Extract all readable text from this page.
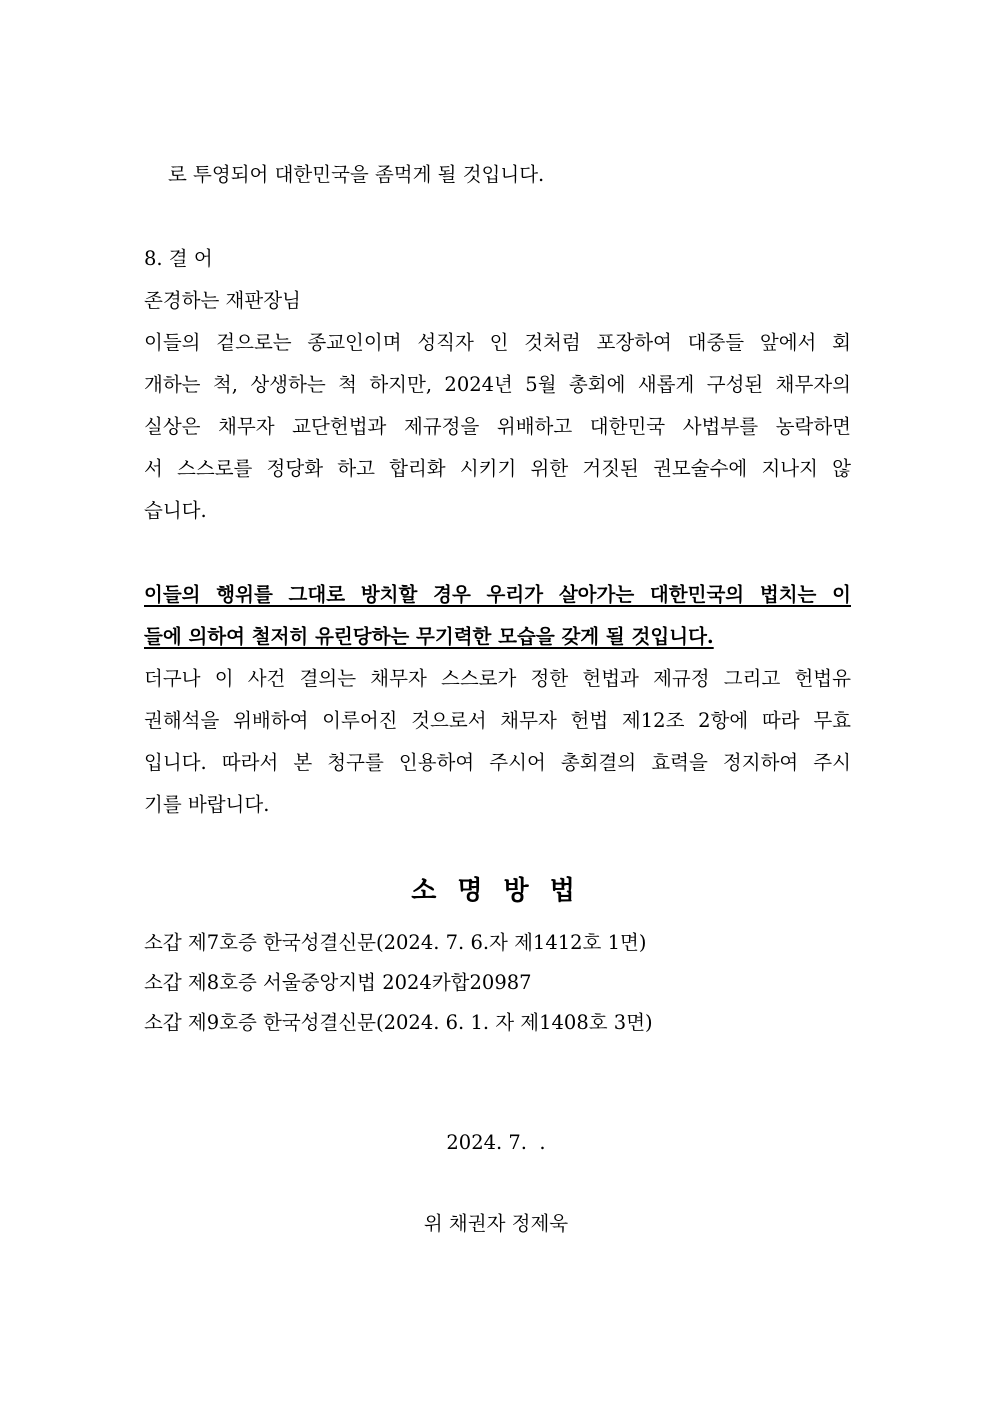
로 투영되어 대한민국을 좀먹게 될 것입니다.
8. 결 어
존경하는 재판장님
이들의 겉으로는 종교인이며 성직자 인 것처럼 포장하여 대중들 앞에서 회
개하는 척, 상생하는 척 하지만, 2024년 5월 총회에 새롭게 구성된 채무자의
실상은 채무자 교단헌법과 제규정을 위배하고 대한민국 사법부를 농락하면
서 스스로를 정당화 하고 합리화 시키기 위한 거짓된 권모술수에 지나지 않
습니다.
이들의 행위를 그대로 방치할 경우 우리가 살아가는 대한민국의 법치는 이
들에 의하여 철저히 유린당하는 무기력한 모습을 갖게 될 것입니다.
더구나 이 사건 결의는 채무자 스스로가 정한 헌법과 제규정 그리고 헌법유
권해석을 위배하여 이루어진 것으로서 채무자 헌법 제12조 2항에 따라 무효
입니다. 따라서 본 청구를 인용하여 주시어 총회결의 효력을 정지하여 주시
기를 바랍니다.
소 명 방 법
소갑 제7호증 한국성결신문(2024. 7. 6.자 제1412호 1면)
소갑 제8호증 서울중앙지법 2024카합20987
소갑 제9호증 한국성결신문(2024. 6. 1. 자 제1408호 3면)
2024. 7.  .
위 채권자 정제욱
